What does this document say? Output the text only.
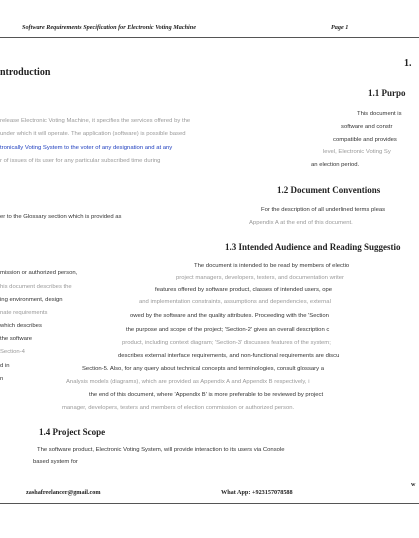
Software Requirements Specification for Electronic Voting Machine	Page 1
ntroduction
release Electronic Voting Machine, it specifies the services offered by the
under which it will operate. The application (software) is possible based
tronically Voting System to the voter of any designation and at any
r of issues of its user for any particular subscribed time during
er to the Glossary section which is provided as
mission or authorized person,
his document describes the
ing environment, design
nate requirements
which describes
the software
Section-4
d in
n
1.
1.1 Purpo
This document is
software and constr
compatible and provides
level, Electronic Voting Sy
an election period.
1.2 Document Conventions
For the description of all underlined terms pleas
Appendix A at the end of this document.
1.3 Intended Audience and Reading Suggestio
The document is intended to be read by members of electio
project managers, developers, testers, and documentation writer
features offered by software product, classes of intended users, ope
and implementation constraints, assumptions and dependencies, external
owed by the software and the quality attributes. Proceeding with the 'Section
the purpose and scope of the project; 'Section-2' gives an overall description c
product, including context diagram; 'Section-3' discusses features of the system;
describes external interface requirements, and non-functional requirements are discu
Section-5. Also, for any query about technical concepts and terminologies, consult glossary a
Analysis models (diagrams), which are provided as Appendix A and Appendix B respectively, i
the end of this document, where 'Appendix B' is more preferable to be reviewed by project
manager, developers, testers and members of election commission or authorized person.
1.4 Project Scope
The software product, Electronic Voting System, will provide interaction to its users via Console
based system for
zashafreelancer@gmail.com	What App: +923157078588
w
